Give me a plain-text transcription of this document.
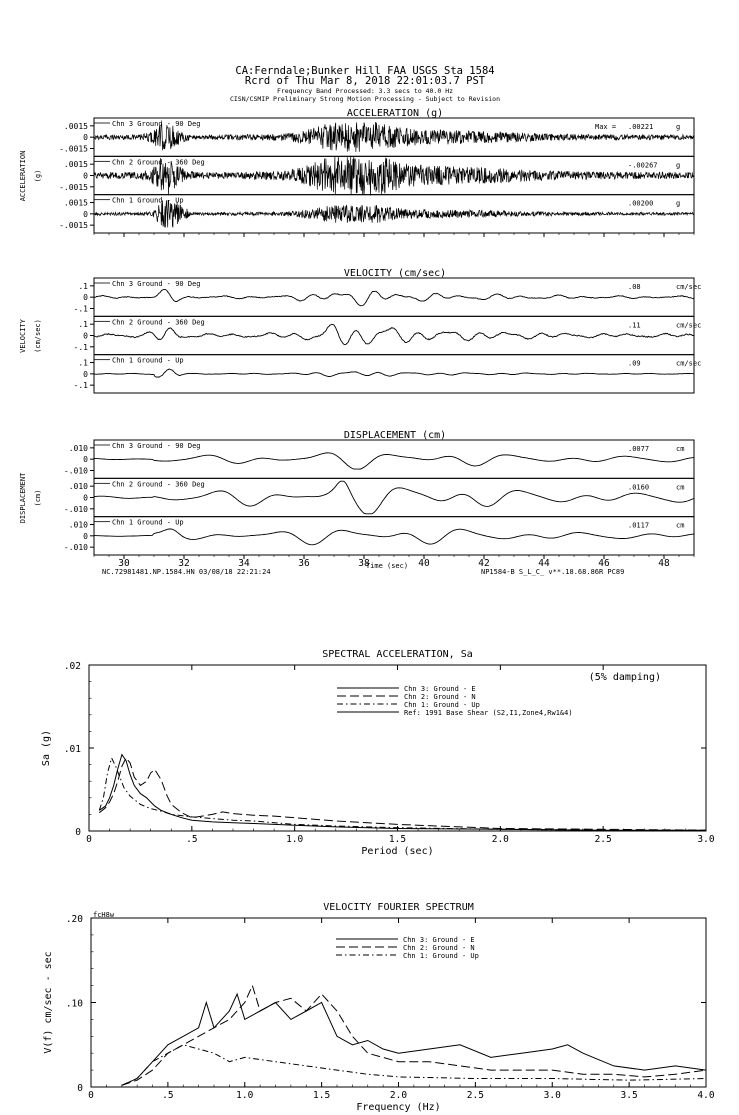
CA:Ferndale;Bunker Hill FAA USGS Sta 1584
Rcrd of Thu Mar 8, 2018 22:01:03.7 PST
Frequency Band Processed: 3.3 secs to 40.0 Hz
CISN/CSMIP Preliminary Strong Motion Processing - Subject to Revision
ACCELERATION (g)
ACCELERATION (g)
.0015
0
-.0015
Chn 3 Ground - 90 Deg	Max = .00221	g
.0015
0
-.0015
Chn 2 Ground - 360 Deg	-.00267	g
.0015
0
-.0015
Chn 1 Ground - Up	.00200	g
VELOCITY (cm/sec)
VELOCITY (cm/sec)
.1
0
-.1
Chn 3 Ground - 90 Deg	.08	cm/sec
.1
0
-.1
Chn 2 Ground - 360 Deg	.11	cm/sec
.1
0
-.1
Chn 1 Ground - Up	.09	cm/sec
DISPLACEMENT (cm)
DISPLACEMENT (cm)
.010
0
-.010
Chn 3 Ground - 90 Deg	.0077	cm
.010
0
-.010
Chn 2 Ground - 360 Deg	.0160	cm
.010
0
-.010
Chn 1 Ground - Up	.0117	cm
30	32	34	36	38	40	42	44	46	48
Time (sec)
NC.72981481.NP.1584.HN 03/08/18 22:21:24	NP1584-B S_L_C_ v**.18.68.86R PC89
SPECTRAL ACCELERATION, Sa
Period (sec)
Sa (g)
(5% damping)
0	.5	1.0	1.5	2.0	2.5	3.0
0
.01
.02
Chn 3: Ground - E
Chn 2: Ground - N
Chn 1: Ground - Up
Ref: 1991 Base Shear (S2,I1,Zone4,Rw1&4)
VELOCITY FOURIER SPECTRUM
Frequency (Hz)
V(f) cm/sec - sec
fcH8w
0	.5	1.0	1.5	2.0	2.5	3.0	3.5	4.0
0
.10
.20
Chn 3: Ground - E
Chn 2: Ground - N
Chn 1: Ground - Up
